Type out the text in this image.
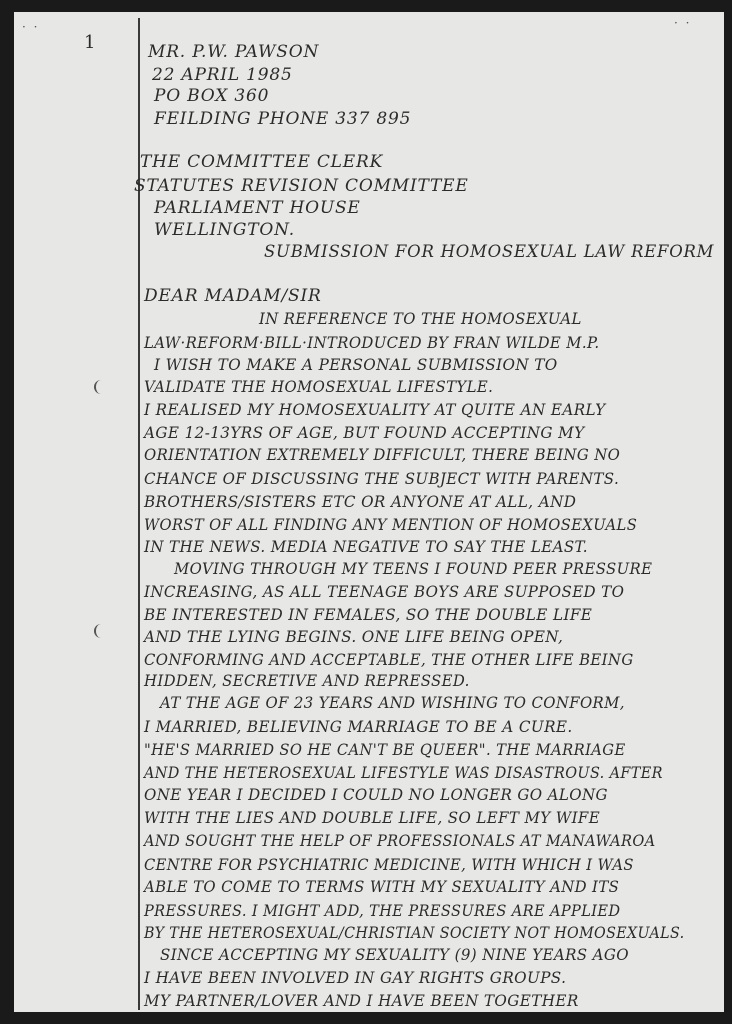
1
· ·	· ·
MR. P.W. PAWSON
22 APRIL 1985
PO BOX 360
FEILDING PHONE 337 895
THE COMMITTEE CLERK
STATUTES REVISION COMMITTEE
PARLIAMENT HOUSE
WELLINGTON.
SUBMISSION FOR HOMOSEXUAL LAW REFORM
DEAR MADAM/SIR
IN REFERENCE TO THE HOMOSEXUAL
LAW·REFORM·BILL·INTRODUCED BY FRAN WILDE M.P.
I WISH TO MAKE A PERSONAL SUBMISSION TO
VALIDATE THE HOMOSEXUAL LIFESTYLE.
I REALISED MY HOMOSEXUALITY AT QUITE AN EARLY
AGE 12-13YRS OF AGE, BUT FOUND ACCEPTING MY
ORIENTATION EXTREMELY DIFFICULT, THERE BEING NO
CHANCE OF DISCUSSING THE SUBJECT WITH PARENTS.
BROTHERS/SISTERS ETC OR ANYONE AT ALL, AND
WORST OF ALL FINDING ANY MENTION OF HOMOSEXUALS
IN THE NEWS. MEDIA NEGATIVE TO SAY THE LEAST.
MOVING THROUGH MY TEENS I FOUND PEER PRESSURE
INCREASING, AS ALL TEENAGE BOYS ARE SUPPOSED TO
BE INTERESTED IN FEMALES, SO THE DOUBLE LIFE
AND THE LYING BEGINS. ONE LIFE BEING OPEN,
CONFORMING AND ACCEPTABLE, THE OTHER LIFE BEING
HIDDEN, SECRETIVE AND REPRESSED.
AT THE AGE OF 23 YEARS AND WISHING TO CONFORM,
I MARRIED, BELIEVING MARRIAGE TO BE A CURE.
"HE'S MARRIED SO HE CAN'T BE QUEER". THE MARRIAGE
AND THE HETEROSEXUAL LIFESTYLE WAS DISASTROUS. AFTER
ONE YEAR I DECIDED I COULD NO LONGER GO ALONG
WITH THE LIES AND DOUBLE LIFE, SO LEFT MY WIFE
AND SOUGHT THE HELP OF PROFESSIONALS AT MANAWAROA
CENTRE FOR PSYCHIATRIC MEDICINE, WITH WHICH I WAS
ABLE TO COME TO TERMS WITH MY SEXUALITY AND ITS
PRESSURES. I MIGHT ADD, THE PRESSURES ARE APPLIED
BY THE HETEROSEXUAL/CHRISTIAN SOCIETY NOT HOMOSEXUALS.
SINCE ACCEPTING MY SEXUALITY (9) NINE YEARS AGO
I HAVE BEEN INVOLVED IN GAY RIGHTS GROUPS.
MY PARTNER/LOVER AND I HAVE BEEN TOGETHER
